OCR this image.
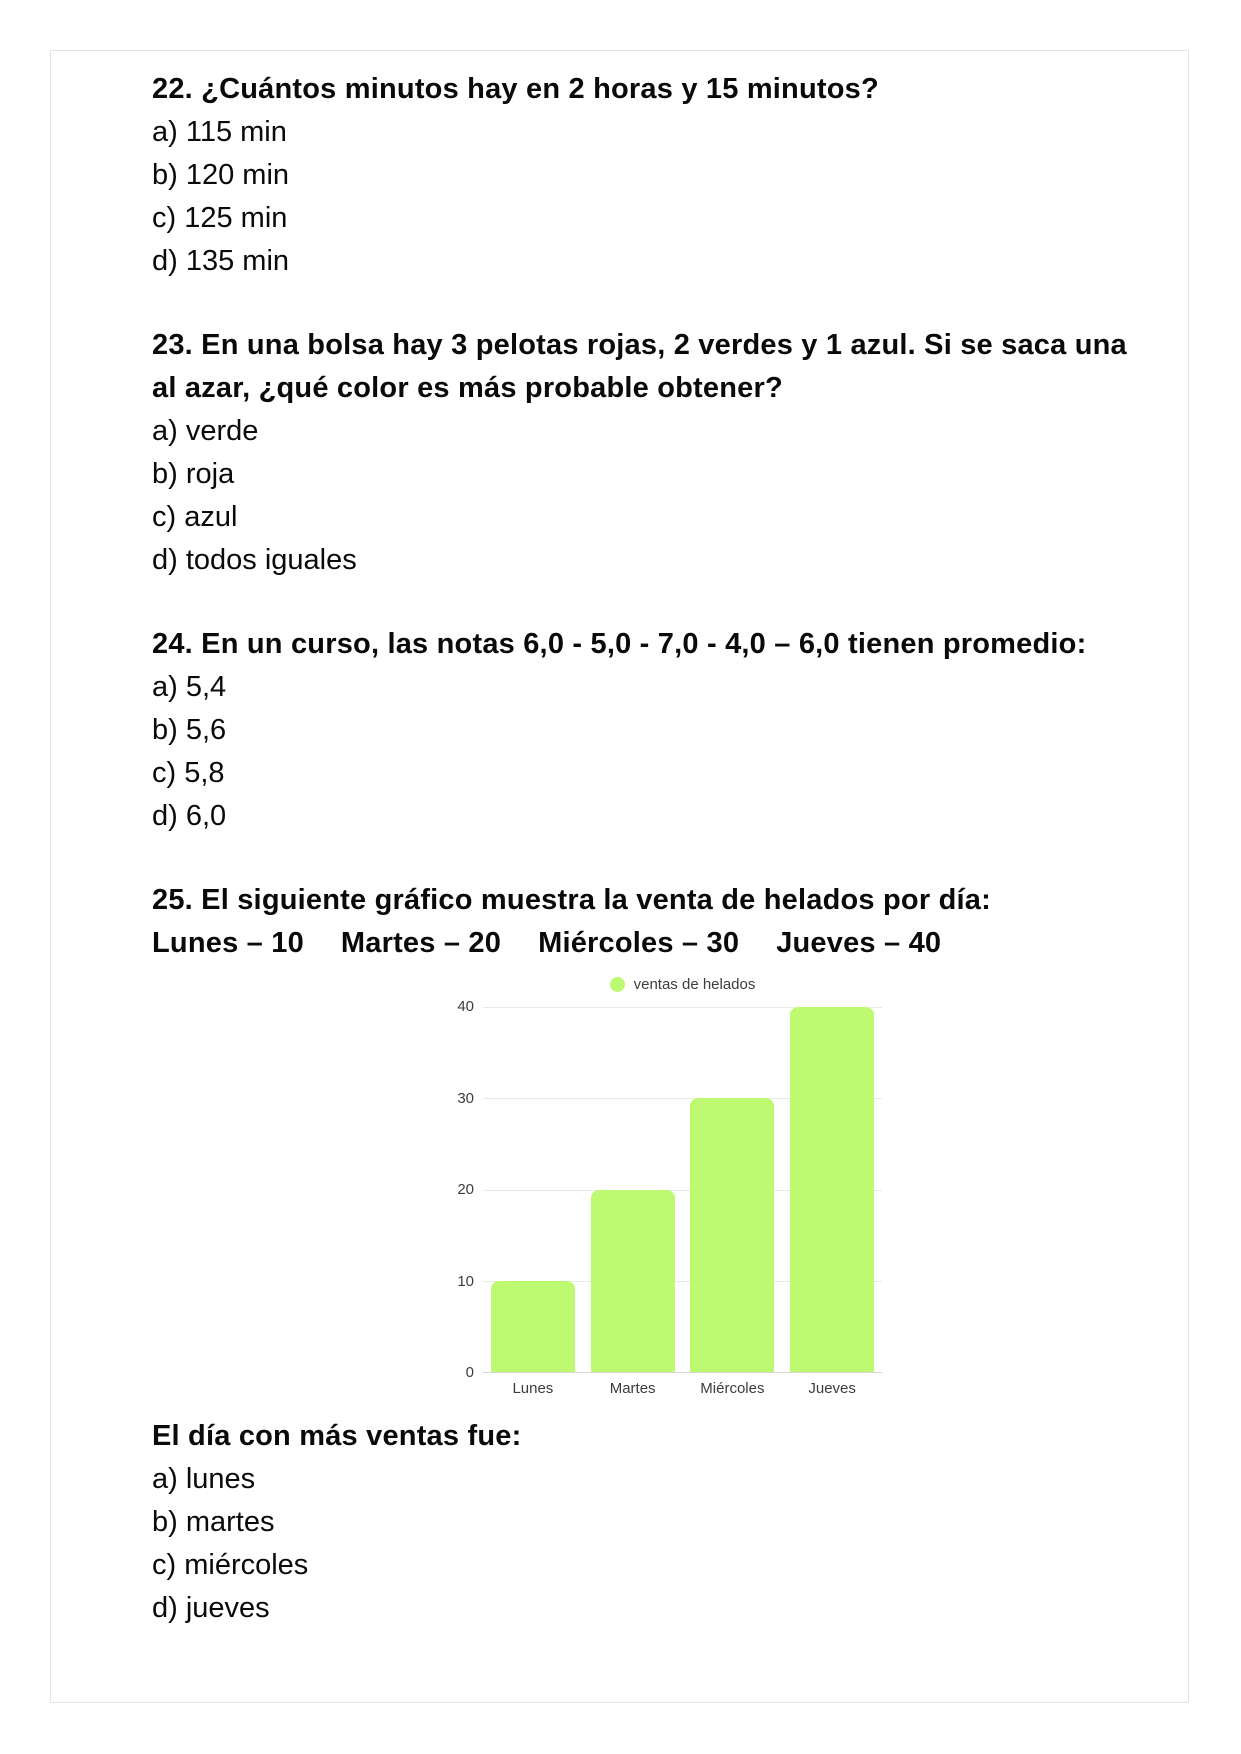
22. ¿Cuántos minutos hay en 2 horas y 15 minutos?
a) 115 min
b) 120 min
c) 125 min
d) 135 min
23. En una bolsa hay 3 pelotas rojas, 2 verdes y 1 azul. Si se saca una al azar, ¿qué color es más probable obtener?
a) verde
b) roja
c) azul
d) todos iguales
24. En un curso, las notas 6,0 - 5,0 - 7,0 - 4,0 – 6,0 tienen promedio:
a) 5,4
b) 5,6
c) 5,8
d) 6,0
25. El siguiente gráfico muestra la venta de helados por día:
Lunes – 10 Martes – 20 Miércoles – 30 Jueves – 40
ventas de helados
40
30
20
10
0
Lunes	Martes	Miércoles	Jueves
El día con más ventas fue:
a) lunes
b) martes
c) miércoles
d) jueves
